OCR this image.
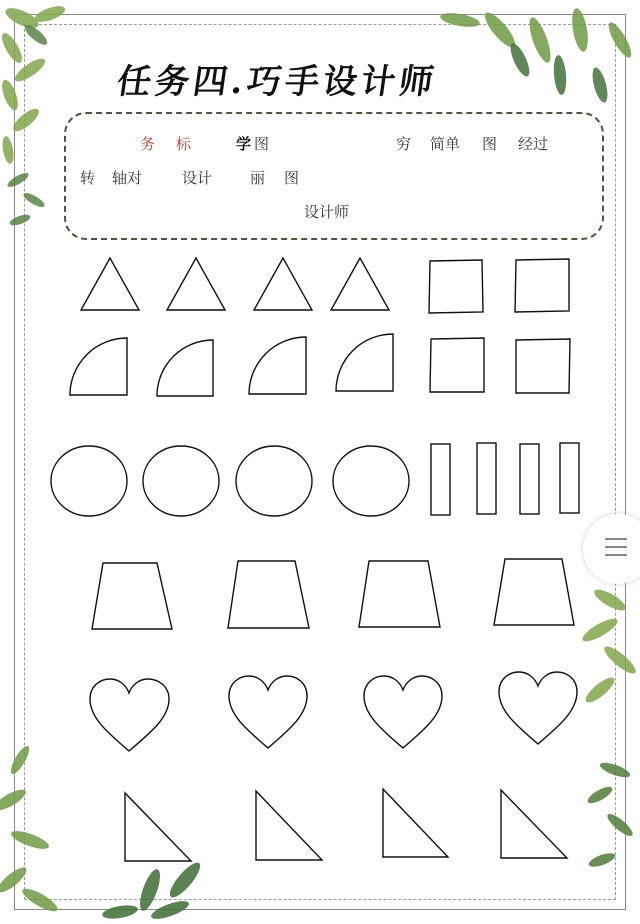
任务四.巧手设计师
务 标	学 图	穷 简单 图 经过
转 轴对	设计	丽 图
设计师
